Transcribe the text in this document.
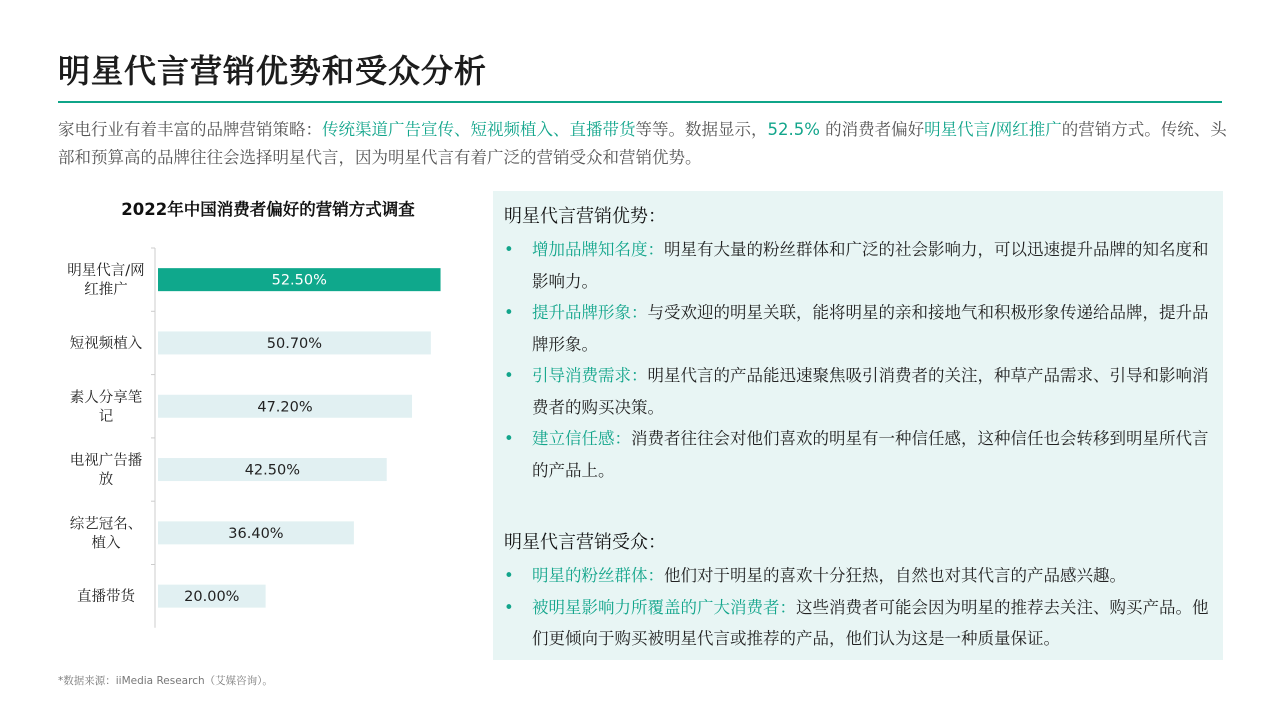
明星代言营销优势和受众分析
家电行业有着丰富的品牌营销策略：传统渠道广告宣传、短视频植入、直播带货等等。数据显示，52.5% 的消费者偏好明星代言/网红推广的营销方式。传统、头部和预算高的品牌往往会选择明星代言，因为明星代言有着广泛的营销受众和营销优势。
2022年中国消费者偏好的营销方式调查
52.50%
明星代言/网
红推广
50.70%
短视频植入
47.20%
素人分享笔
记
42.50%
电视广告播
放
36.40%
综艺冠名、
植入
20.00%
直播带货
明星代言营销优势：
• 增加品牌知名度：明星有大量的粉丝群体和广泛的社会影响力，可以迅速提升品牌的知名度和影响力。
• 提升品牌形象：与受欢迎的明星关联，能将明星的亲和接地气和积极形象传递给品牌，提升品牌形象。
• 引导消费需求：明星代言的产品能迅速聚焦吸引消费者的关注，种草产品需求、引导和影响消费者的购买决策。
• 建立信任感：消费者往往会对他们喜欢的明星有一种信任感，这种信任也会转移到明星所代言的产品上。
明星代言营销受众：
• 明星的粉丝群体：他们对于明星的喜欢十分狂热，自然也对其代言的产品感兴趣。
• 被明星影响力所覆盖的广大消费者：这些消费者可能会因为明星的推荐去关注、购买产品。他们更倾向于购买被明星代言或推荐的产品，他们认为这是一种质量保证。
*数据来源：iiMedia Research（艾媒咨询）。
